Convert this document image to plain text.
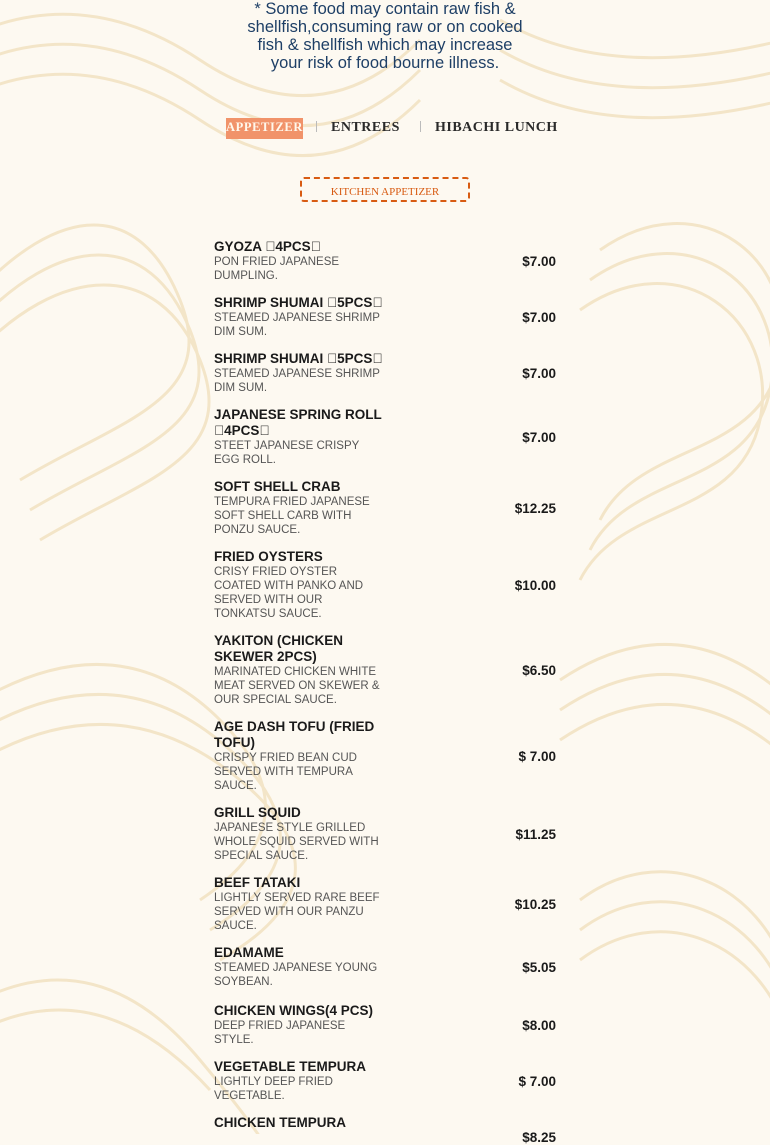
* Some food may contain raw fish & shellfish,consuming raw or on cooked fish & shellfish which may increase your risk of food bourne illness.
APPETIZER ENTREES	HIBACHI LUNCH
KITCHEN APPETIZER
GYOZA 4PCS
PON FRIED JAPANESE DUMPLING.
$7.00
SHRIMP SHUMAI 5PCS
STEAMED JAPANESE SHRIMP DIM SUM.
$7.00
SHRIMP SHUMAI 5PCS
STEAMED JAPANESE SHRIMP DIM SUM.
$7.00
JAPANESE SPRING ROLL 4PCS
STEET JAPANESE CRISPY EGG ROLL.
$7.00
SOFT SHELL CRAB
TEMPURA FRIED JAPANESE SOFT SHELL CARB WITH PONZU SAUCE.
$12.25
FRIED OYSTERS
CRISY FRIED OYSTER COATED WITH PANKO AND SERVED WITH OUR TONKATSU SAUCE.
$10.00
YAKITON (CHICKEN SKEWER 2PCS)
MARINATED CHICKEN WHITE MEAT SERVED ON SKEWER & OUR SPECIAL SAUCE.
$6.50
AGE DASH TOFU (FRIED TOFU)
CRISPY FRIED BEAN CUD SERVED WITH TEMPURA SAUCE.
$ 7.00
GRILL SQUID
JAPANESE STYLE GRILLED WHOLE SQUID SERVED WITH SPECIAL SAUCE.
$11.25
BEEF TATAKI
LIGHTLY SERVED RARE BEEF SERVED WITH OUR PANZU SAUCE.
$10.25
EDAMAME
STEAMED JAPANESE YOUNG SOYBEAN.
$5.05
CHICKEN WINGS(4 PCS)
DEEP FRIED JAPANESE STYLE.
$8.00
VEGETABLE TEMPURA
LIGHTLY DEEP FRIED VEGETABLE.
$ 7.00
CHICKEN TEMPURA
$8.25
